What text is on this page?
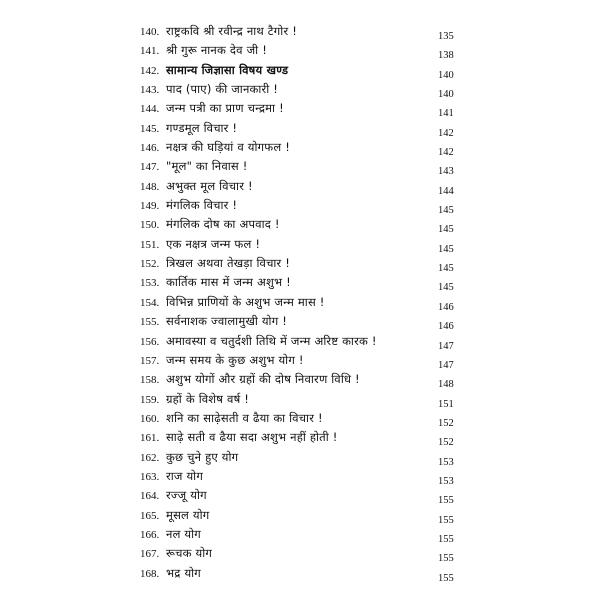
140. राष्ट्रकवि श्री रवीन्द्र नाथ टैगोर !	135
141. श्री गुरू नानक देव जी !	138
142. सामान्य जिज्ञासा विषय खण्ड	140
143. पाद (पाए) की जानकारी !	140
144. जन्म पत्री का प्राण चन्द्रमा !	141
145. गण्डमूल विचार !	142
146. नक्षत्र की घड़ियां व योगफल !	142
147. "मूल" का निवास !	143
148. अभुक्त मूल विचार !	144
149. मंगलिक विचार !	145
150. मंगलिक दोष का अपवाद !	145
151. एक नक्षत्र जन्म फल !	145
152. त्रिखल अथवा तेखड़ा विचार !	145
153. कार्तिक मास में जन्म अशुभ !	145
154. विभिन्न प्राणियों के अशुभ जन्म मास !	146
155. सर्वनाशक ज्वालामुखी योग !	146
156. अमावस्या व चतुर्दशी तिथि में जन्म अरिष्ट कारक !	147
157. जन्म समय के कुछ अशुभ योग !	147
158. अशुभ योगों और ग्रहों की दोष निवारण विधि !	148
159. ग्रहों के विशेष वर्ष !	151
160. शनि का साढ़ेसती व ढैया का विचार !	152
161. साढ़े सती व ढैया सदा अशुभ नहीं होती !	152
162. कुछ चुने हुए योग	153
163. राज योग	153
164. रज्जू योग	155
165. मूसल योग	155
166. नल योग	155
167. रूचक योग	155
168. भद्र योग	155
